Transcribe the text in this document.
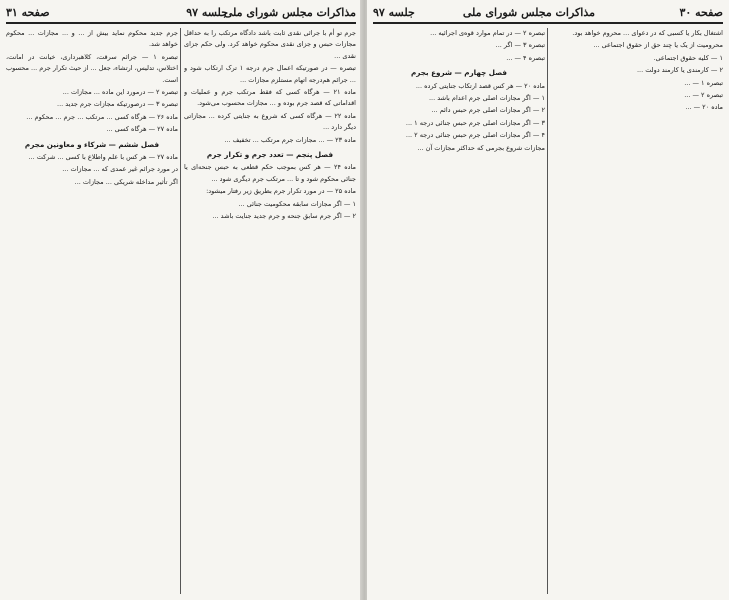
مذاکرات مجلس شورای ملی
جلسه ۹۷
صفحه ۳۱

جرم تو أم با جرائی نقدی ثابت باشد دادگاه مرتکب را به حداقل مجازات حبس و جزای نقدی محکوم خواهد کرد. ولی حکم جزای نقدی ...

تبصره — در صورتیکه اعمال جرم درجه ۱ ترک ارتکاب شود و ... جرائم هم‌درجه اتهام مستلزم مجازات ...

ماده ۲۱ — هرگاه کسی که فقط مرتکب جرم و عملیات و اقداماتی که قصد جرم بوده و ... مجازات محسوب می‌شود.

ماده ۲۲ — هرگاه کسی که شروع به جنایتی کرده ... مجازاتی دیگر دارد ...

ماده ۲۳ — ... مجازات جرم مرتکب ... تخفیف ...

فصل پنجم — تعدد جرم و تکرار جرم

ماده ۲۴ — هر کس بموجب حکم قطعی به حبس جنحه‌ای یا جنائی محکوم شود و تا ... مرتکب جرم دیگری شود ...

ماده ۲۵ — در مورد تکرار جرم بطریق زیر رفتار میشود:

۱ — اگر مجازات سابقه محکومیت جنائی ...

۲ — اگر جرم سابق جنحه و جرم جدید جنایت باشد ...

جرم جدید محکوم نماید بیش از ... و ... مجازات ... محکوم خواهد شد.

تبصره ۱ — جرائم سرقت، کلاهبرداری، خیانت در امانت، اختلاس، تدلیس، ارتشاء، جعل ... از حیث تکرار جرم ... محسوب است.

تبصره ۲ — درمورد این ماده ... مجازات ...

تبصره ۳ — درصورتیکه مجازات جرم جدید ...

ماده ۲۶ — هرگاه کسی ... مرتکب ... جرم ... محکوم ...

ماده ۲۷ — هرگاه کسی ...

فصل ششم — شرکاء و معاونین مجرم

ماده ۲۷ — هر کس با علم واطلاع با کسی ... شرکت ...

در مورد جرائم غیر عمدی که ... مجازات ...

اگر تأثیر مداخله شریکی ... مجازات ...

صفحه ۳۰
مذاکرات مجلس شورای ملی
جلسه ۹۷

اشتغال بکار یا کسبی که در دعوای ... محروم خواهد بود.

محرومیت از یک یا چند حق از حقوق اجتماعی ...

۱ — کلیه حقوق اجتماعی.

۲ — کارمندی یا کارمند دولت ...

تبصره ۱ — ...

تبصره ۲ — ...

ماده ۲۰ — ...

تبصره ۲ — در تمام موارد قوه‌ی اجرائیه ...

تبصره ۳ — اگر ...

تبصره ۴ — ...

فصل چهارم — شروع بجرم

ماده ۲۰ — هر کس قصد ارتکاب جنایتی کرده ...

۱ — اگر مجازات اصلی جرم اعدام باشد ...

۲ — اگر مجازات اصلی جرم حبس دائم ...

۳ — اگر مجازات اصلی جرم حبس جنائی درجه ۱ ...

۴ — اگر مجازات اصلی جرم حبس جنائی درجه ۲ ...

مجازات شروع بجرمی که حداکثر مجازات آن ...
